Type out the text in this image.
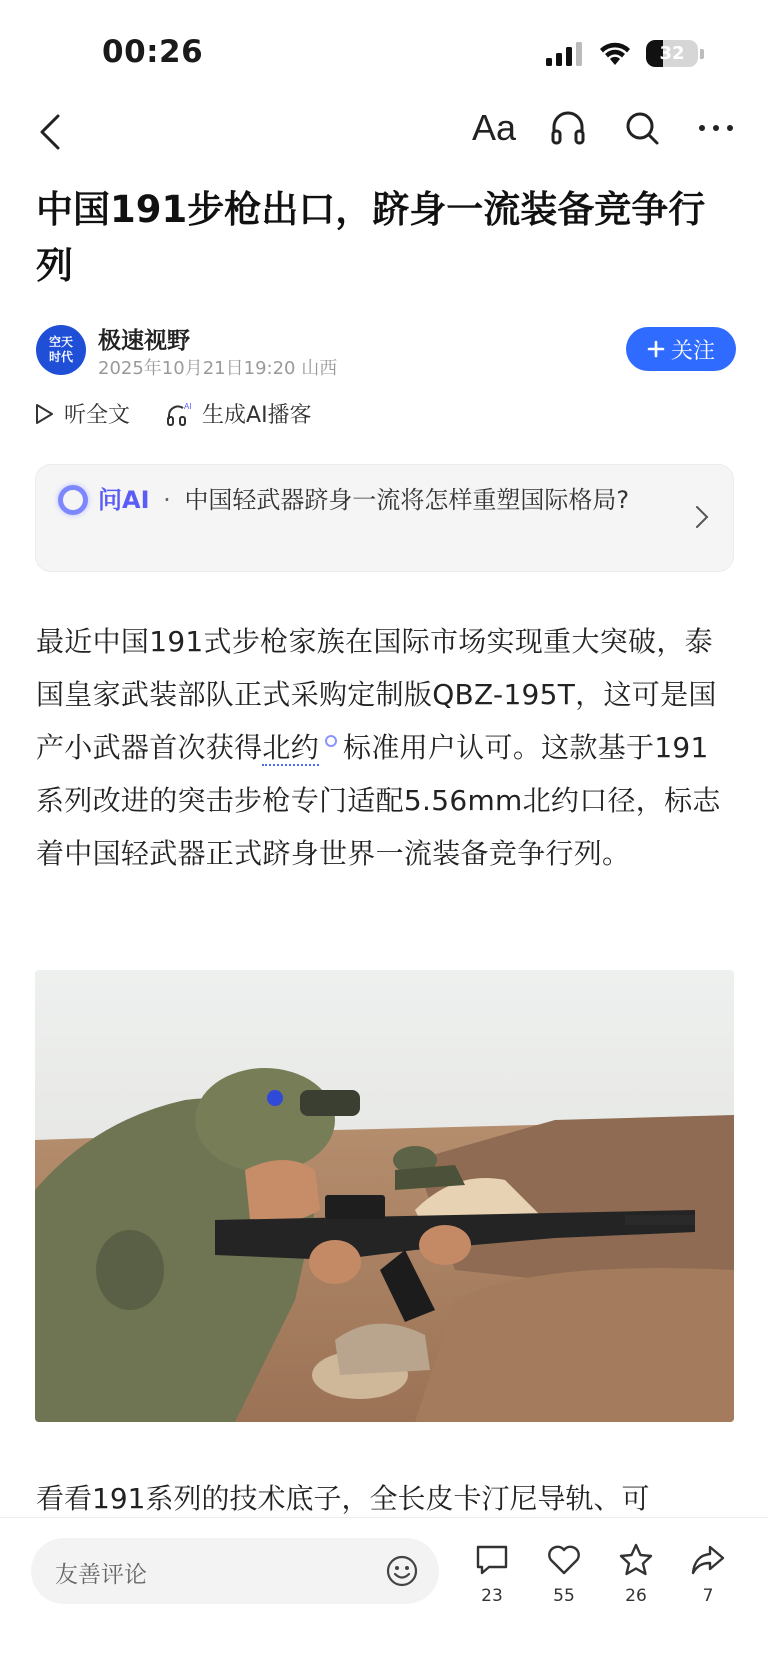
00:26	32
Aa
中国191步枪出口，跻身一流装备竞争行列
空天时代
极速视野
2025年10月21日19:20 山西
关注
听全文	AI 生成AI播客
问AI · 中国轻武器跻身一流将怎样重塑国际格局?

最近中国191式步枪家族在国际市场实现重大突破，泰国皇家武装部队正式采购定制版QBZ-195T，这可是国产小武器首次获得北约 标准用户认可。这款基于191系列改进的突击步枪专门适配5.56mm北约口径，标志着中国轻武器正式跻身世界一流装备竞争行列。

看看191系列的技术底子，全长皮卡汀尼导轨、可

友善评论
23	55	26	7
